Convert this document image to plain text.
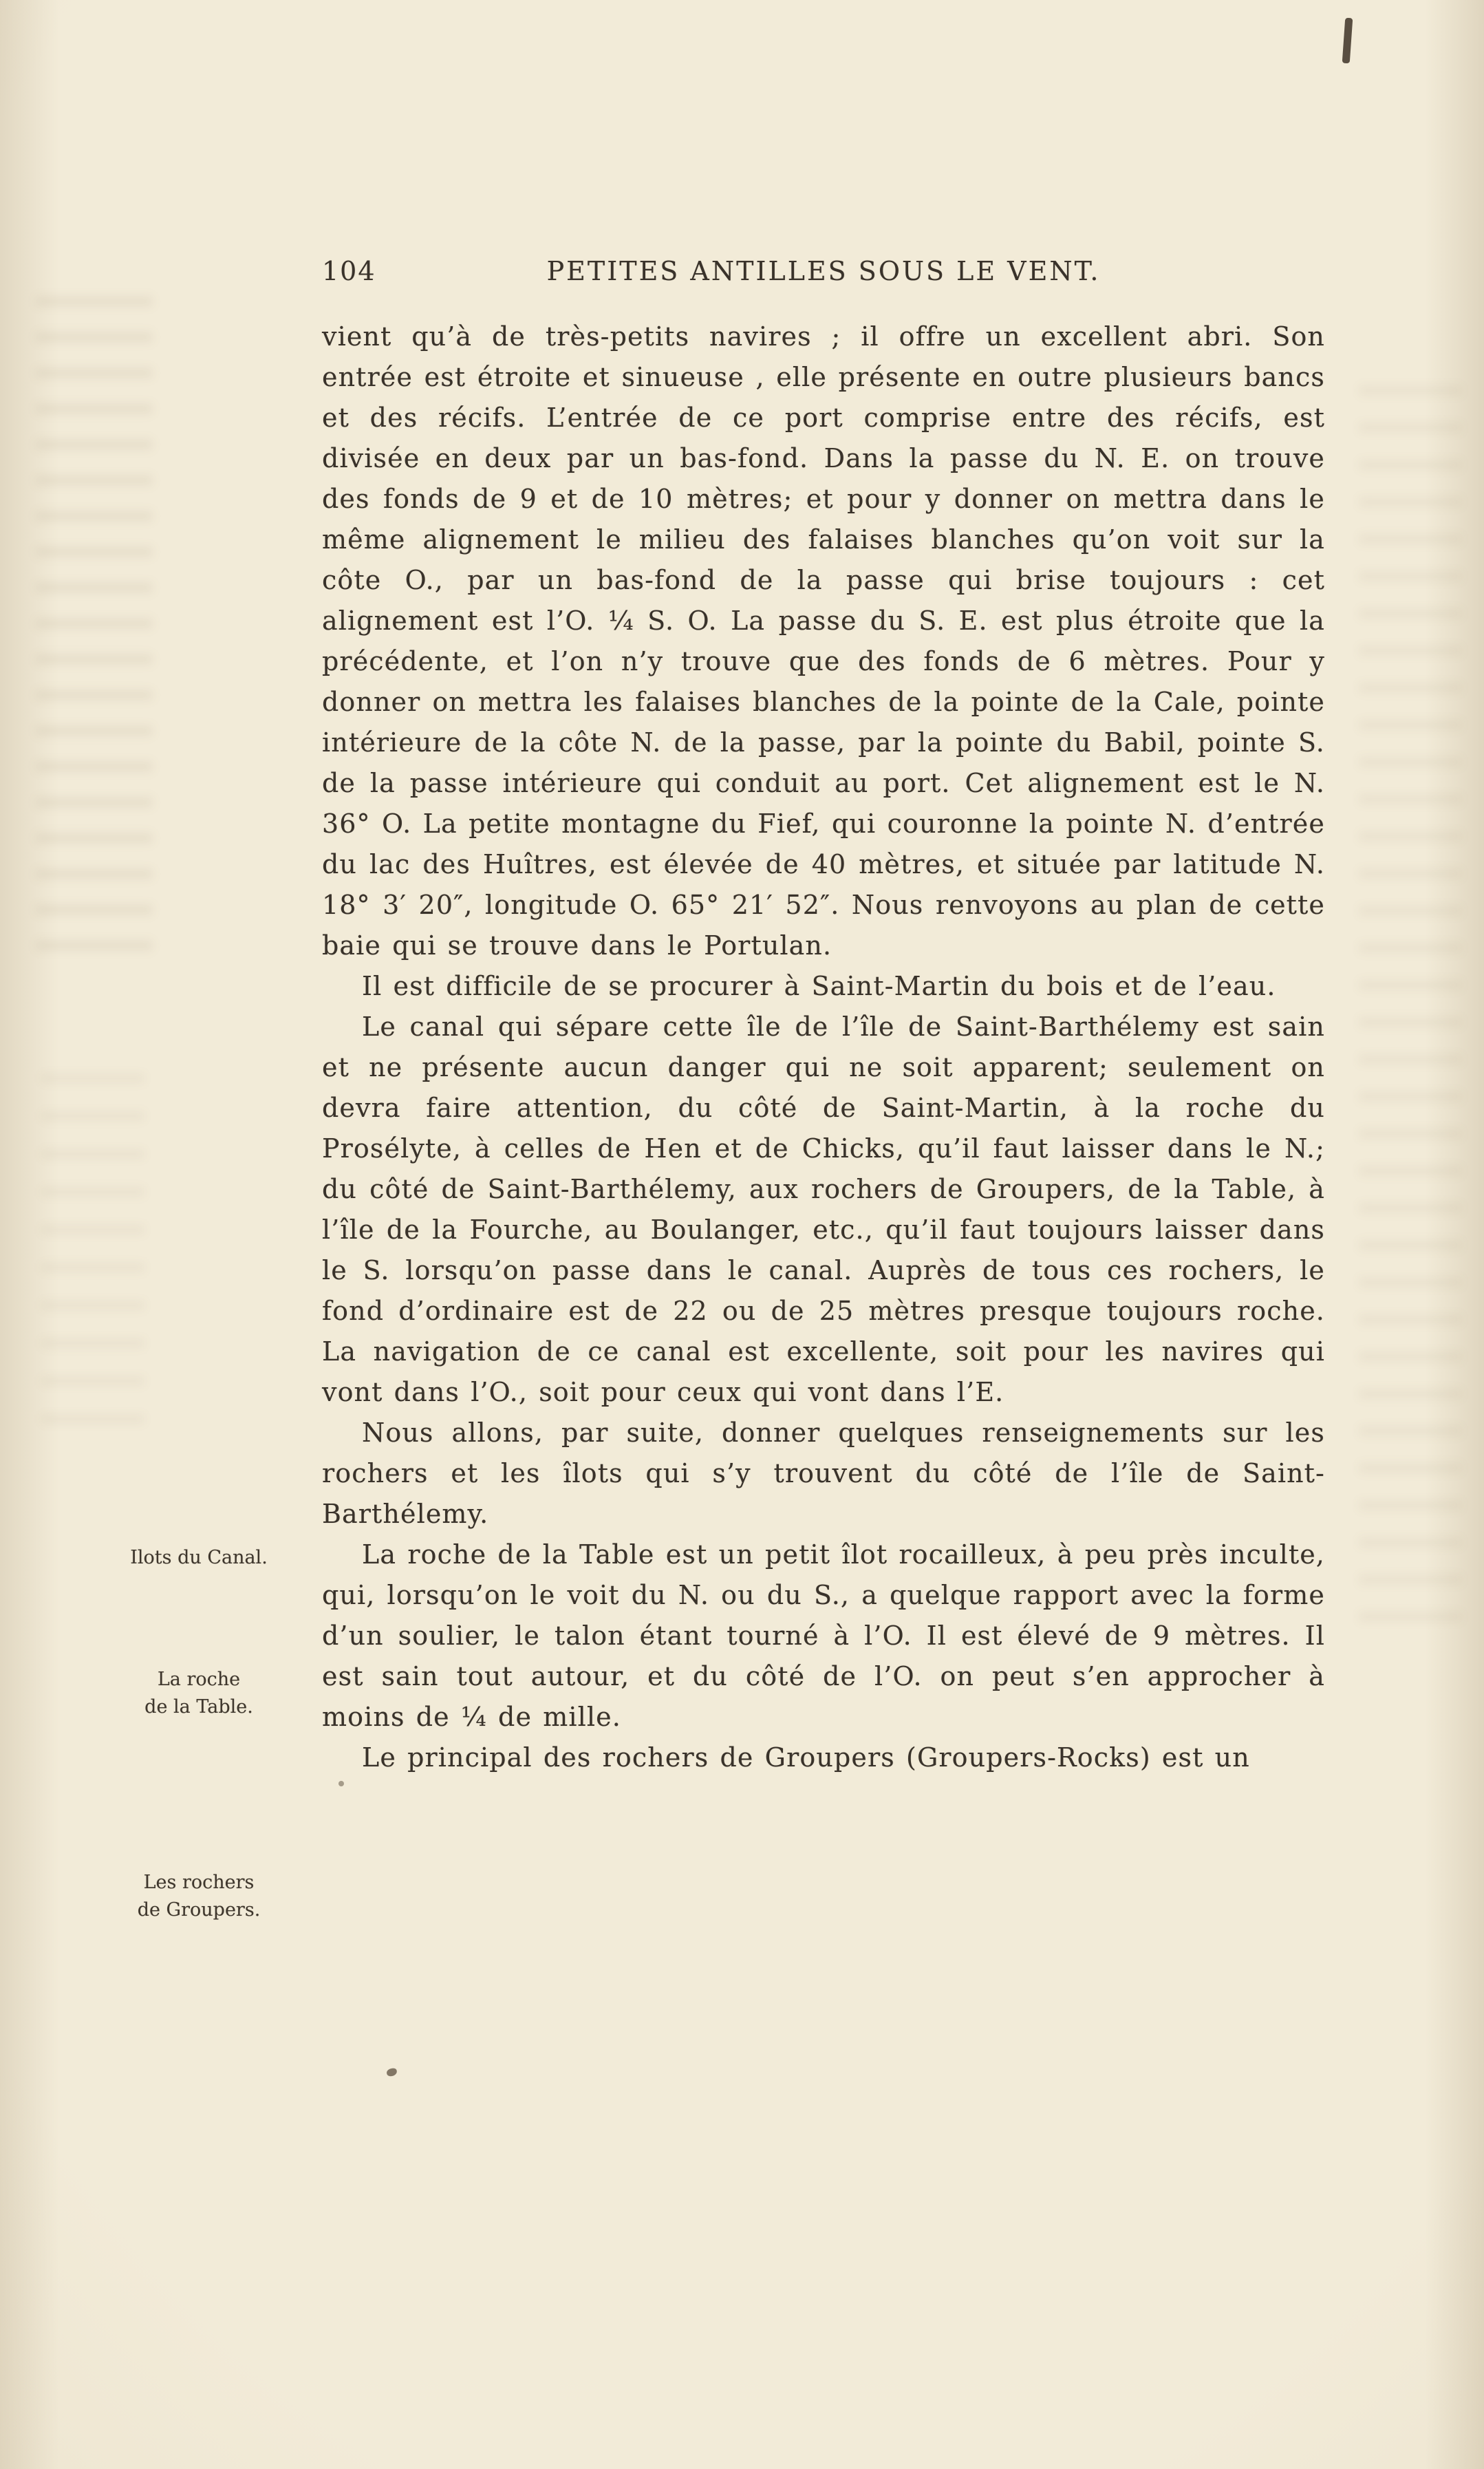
Ilots du Canal.
La roche
de la Table.
Les rochers
de Groupers.
104	PETITES ANTILLES SOUS LE VENT.

vient qu’à de très-petits navires ; il offre un excellent abri. Son entrée est étroite et sinueuse , elle présente en outre plusieurs bancs et des récifs. L’entrée de ce port comprise entre des récifs, est divisée en deux par un bas-fond. Dans la passe du N. E. on trouve des fonds de 9 et de 10 mètres; et pour y donner on mettra dans le même alignement le milieu des falaises blanches qu’on voit sur la côte O., par un bas-fond de la passe qui brise toujours : cet alignement est l’O. ¼ S. O. La passe du S. E. est plus étroite que la précédente, et l’on n’y trouve que des fonds de 6 mètres. Pour y donner on mettra les falaises blanches de la pointe de la Cale, pointe intérieure de la côte N. de la passe, par la pointe du Babil, pointe S. de la passe intérieure qui conduit au port. Cet alignement est le N. 36° O. La petite montagne du Fief, qui couronne la pointe N. d’entrée du lac des Huîtres, est élevée de 40 mètres, et située par latitude N. 18° 3′ 20″, longitude O. 65° 21′ 52″. Nous renvoyons au plan de cette baie qui se trouve dans le Portulan.

Il est difficile de se procurer à Saint-Martin du bois et de l’eau.

Le canal qui sépare cette île de l’île de Saint-Barthélemy est sain et ne présente aucun danger qui ne soit apparent; seulement on devra faire attention, du côté de Saint-Martin, à la roche du Prosélyte, à celles de Hen et de Chicks, qu’il faut laisser dans le N.; du côté de Saint-Barthélemy, aux rochers de Groupers, de la Table, à l’île de la Fourche, au Boulanger, etc., qu’il faut toujours laisser dans le S. lorsqu’on passe dans le canal. Auprès de tous ces rochers, le fond d’ordinaire est de 22 ou de 25 mètres presque toujours roche. La navigation de ce canal est excellente, soit pour les navires qui vont dans l’O., soit pour ceux qui vont dans l’E.

Nous allons, par suite, donner quelques renseignements sur les rochers et les îlots qui s’y trouvent du côté de l’île de Saint-Barthélemy.

La roche de la Table est un petit îlot rocailleux, à peu près inculte, qui, lorsqu’on le voit du N. ou du S., a quelque rapport avec la forme d’un soulier, le talon étant tourné à l’O. Il est élevé de 9 mètres. Il est sain tout autour, et du côté de l’O. on peut s’en approcher à moins de ¼ de mille.

Le principal des rochers de Groupers (Groupers-Rocks) est un
